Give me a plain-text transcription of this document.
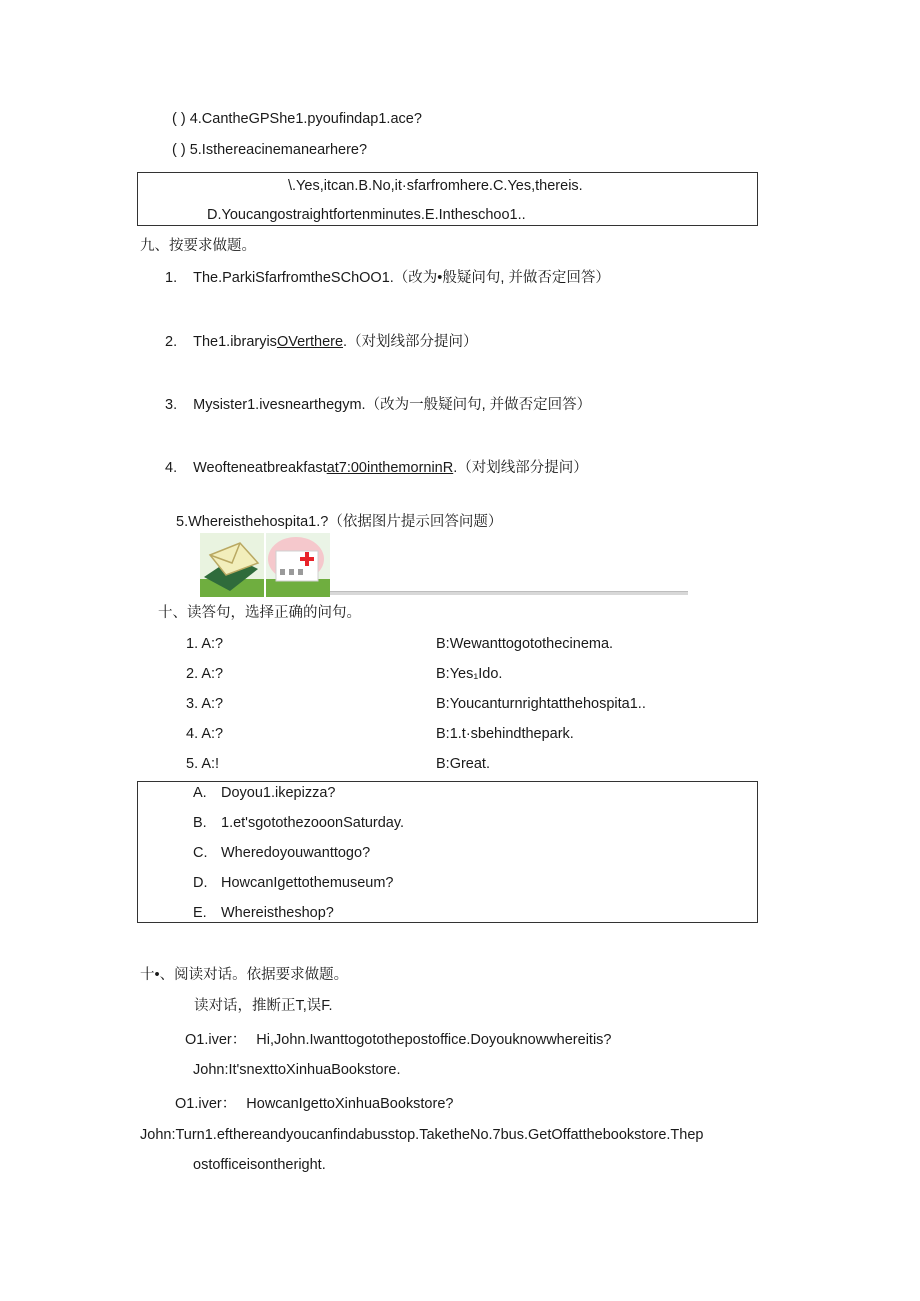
( ) 4.CantheGPShe1.pyoufindap1.ace?
( ) 5.Isthereacinemanearhere?
\.Yes,itcan.B.No,it·sfarfromhere.C.Yes,thereis.
D.Youcangostraightfortenminutes.E.Intheschoo1..
九、按要求做题。
1. The.ParkiSfarfromtheSChOO1.（改为•般疑问句, 并做否定回答）
2. The1.ibraryisOVerthere.（对划线部分提问）
3. Mysister1.ivesnearthegym.（改为一般疑问句, 并做否定回答）
4. Weofteneatbreakfastat7:00inthemorninR.（对划线部分提问）
5.Whereisthehospita1.?（依据图片提示回答问题）
十、读答句，选择正确的问句。
1. A:?	B:Wewanttogotothecinema.
2. A:?	B:Yes₁Ido.
3. A:?	B:Youcanturnrightatthehospita1..
4. A:?	B:1.t·sbehindthepark.
5. A:!	B:Great.
A. Doyou1.ikepizza?
B. 1.et'sgotothezooonSaturday.
C. Wheredoyouwanttogo?
D. HowcanIgettothemuseum?
E. Whereistheshop?
十•、阅读对话。依据要求做题。
读对话，推断正T,误F.
O1.iver： Hi,John.Iwanttogotothepostoffice.Doyouknowwhereitis?
John:It'snexttoXinhuaBookstore.
O1.iver： HowcanIgettoXinhuaBookstore?
John:Turn1.efthereandyoucanfindabusstop.TaketheNo.7bus.GetOffatthebookstore.Thep
ostofficeisontheright.
